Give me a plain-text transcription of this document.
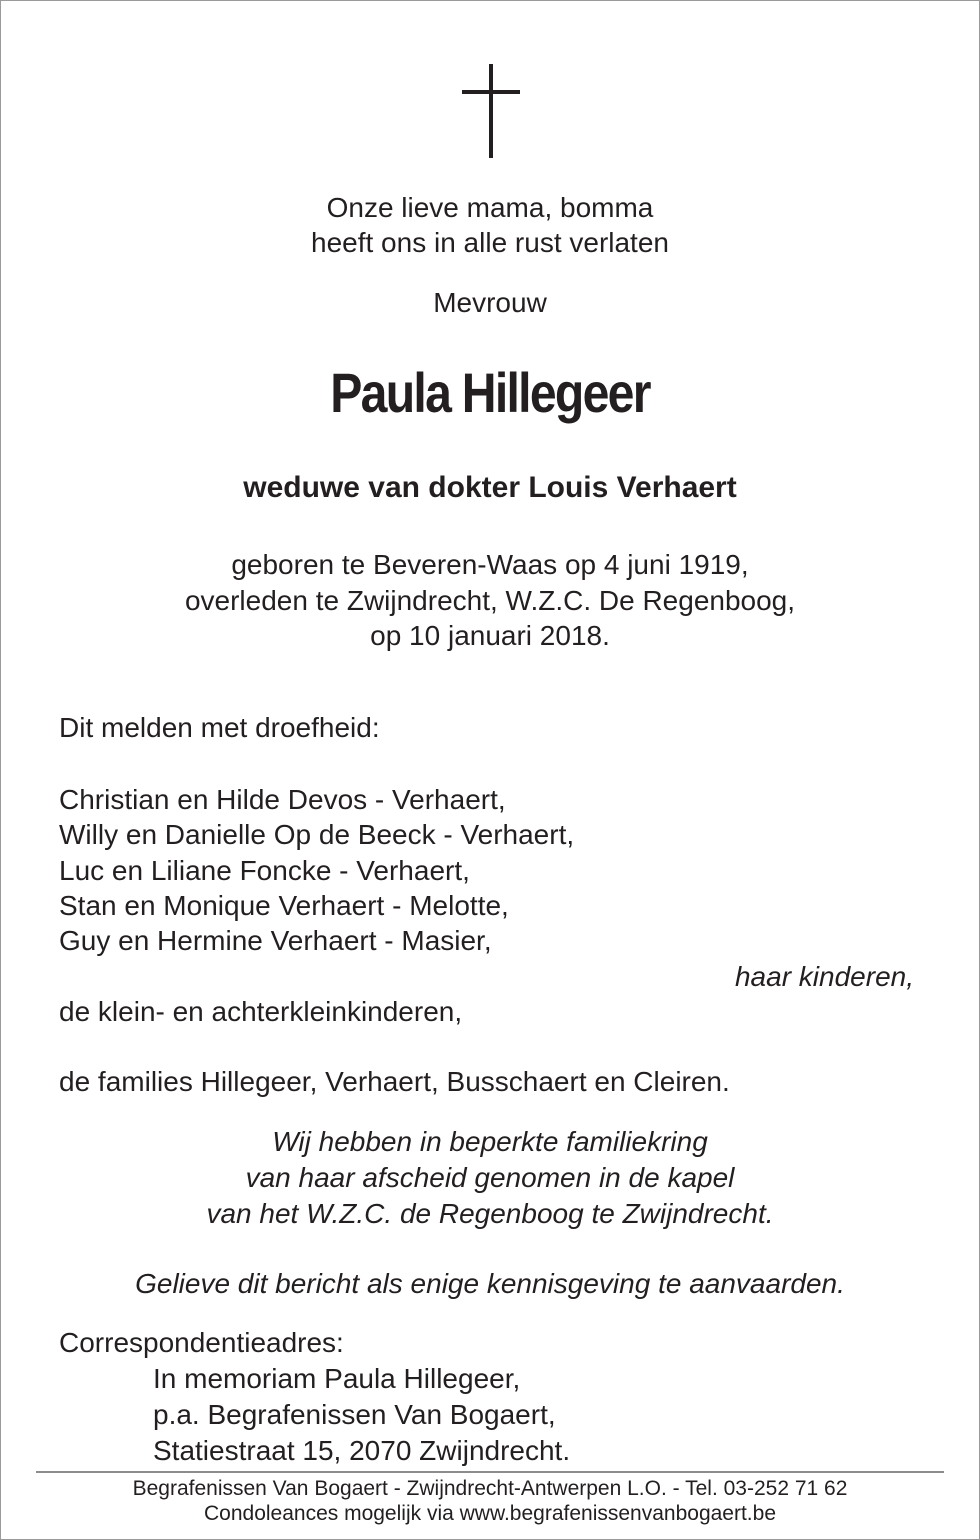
Onze lieve mama, bomma
heeft ons in alle rust verlaten
Mevrouw
Paula Hillegeer
weduwe van dokter Louis Verhaert
geboren te Beveren-Waas op 4 juni 1919,
overleden te Zwijndrecht, W.Z.C. De Regenboog,
op 10 januari 2018.
Dit melden met droefheid:
Christian en Hilde Devos - Verhaert,
Willy en Danielle Op de Beeck - Verhaert,
Luc en Liliane Foncke - Verhaert,
Stan en Monique Verhaert - Melotte,
Guy en Hermine Verhaert - Masier,
haar kinderen,
de klein- en achterkleinkinderen,
de families Hillegeer, Verhaert, Busschaert en Cleiren.
Wij hebben in beperkte familiekring
van haar afscheid genomen in de kapel
van het W.Z.C. de Regenboog te Zwijndrecht.
Gelieve dit bericht als enige kennisgeving te aanvaarden.
Correspondentieadres:
In memoriam Paula Hillegeer,
p.a. Begrafenissen Van Bogaert,
Statiestraat 15, 2070 Zwijndrecht.
Begrafenissen Van Bogaert - Zwijndrecht-Antwerpen L.O. - Tel. 03-252 71 62
Condoleances mogelijk via www.begrafenissenvanbogaert.be
